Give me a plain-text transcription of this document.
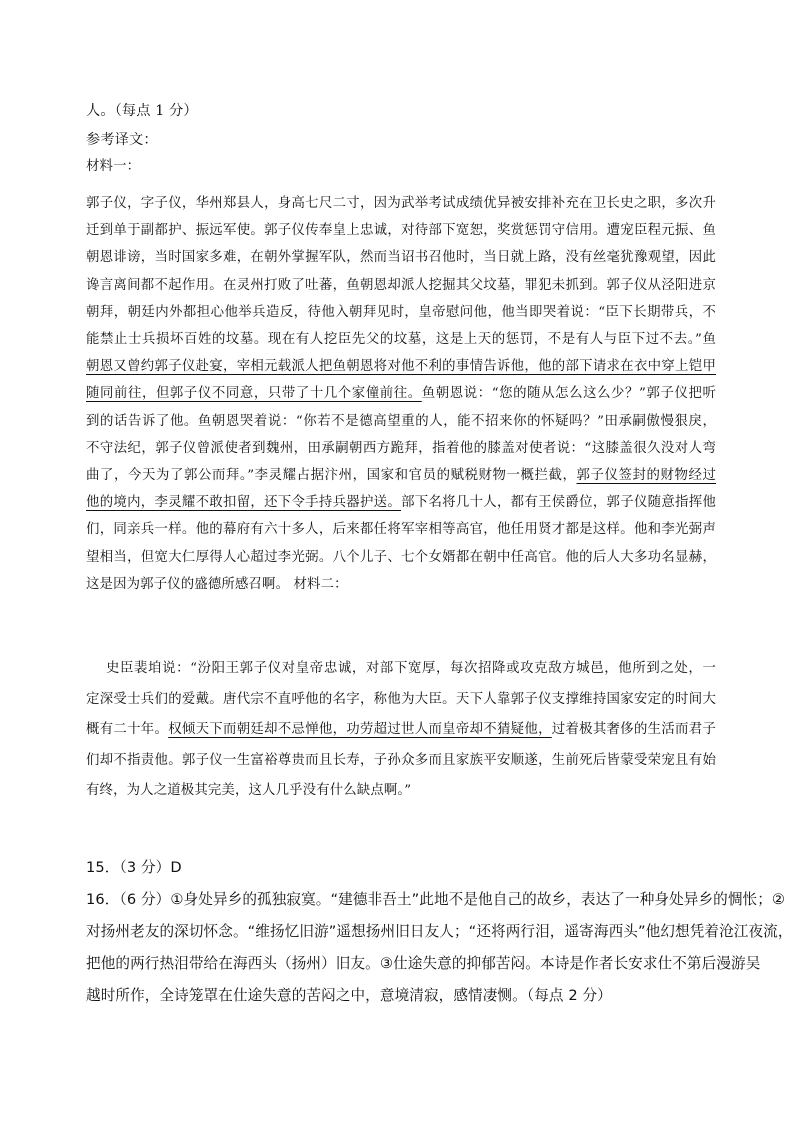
人。（每点 1 分）
参考译文：
材料一：
郭子仪，字子仪，华州郑县人，身高七尺二寸，因为武举考试成绩优异被安排补充在卫长史之职，多次升
迁到单于副都护、振远军使。郭子仪传奉皇上忠诚，对待部下宽恕，奖赏惩罚守信用。遭宠臣程元振、鱼
朝恩诽谤，当时国家多难，在朝外掌握军队，然而当诏书召他时，当日就上路，没有丝毫犹豫观望，因此
谗言离间都不起作用。在灵州打败了吐蕃，鱼朝恩却派人挖掘其父坟墓，罪犯未抓到。郭子仪从泾阳进京
朝拜，朝廷内外都担心他举兵造反，待他入朝拜见时，皇帝慰问他，他当即哭着说：“臣下长期带兵，不
能禁止士兵损坏百姓的坟墓。现在有人挖臣先父的坟墓，这是上天的惩罚，不是有人与臣下过不去。”鱼
朝恩又曾约郭子仪赴宴，宰相元载派人把鱼朝恩将对他不利的事情告诉他，他的部下请求在衣中穿上铠甲
随同前往，但郭子仪不同意，只带了十几个家僮前往。鱼朝恩说：“您的随从怎么这么少？”郭子仪把听
到的话告诉了他。鱼朝恩哭着说：“你若不是德高望重的人，能不招来你的怀疑吗？”田承嗣傲慢狠戾，
不守法纪，郭子仪曾派使者到魏州，田承嗣朝西方跪拜，指着他的膝盖对使者说：“这膝盖很久没对人弯
曲了，今天为了郭公而拜。”李灵耀占据汴州，国家和官员的赋税财物一概拦截，郭子仪签封的财物经过
他的境内，李灵耀不敢扣留，还下令手持兵器护送。部下名将几十人，都有王侯爵位，郭子仪随意指挥他
们，同亲兵一样。他的幕府有六十多人，后来都任将军宰相等高官，他任用贤才都是这样。他和李光弼声
望相当，但宽大仁厚得人心超过李光弼。八个儿子、七个女婿都在朝中任高官。他的后人大多功名显赫，
这是因为郭子仪的盛德所感召啊。 材料二：
史臣裴垍说：“汾阳王郭子仪对皇帝忠诚，对部下宽厚，每次招降或攻克敌方城邑，他所到之处，一
定深受士兵们的爱戴。唐代宗不直呼他的名字，称他为大臣。天下人靠郭子仪支撑维持国家安定的时间大
概有二十年。权倾天下而朝廷却不忌惮他，功劳超过世人而皇帝却不猜疑他，过着极其奢侈的生活而君子
们却不指责他。郭子仪一生富裕尊贵而且长寿，子孙众多而且家族平安顺遂，生前死后皆蒙受荣宠且有始
有终，为人之道极其完美，这人几乎没有什么缺点啊。”
15．（3 分）D
16．（6 分）①身处异乡的孤独寂寞。“建德非吾土”此地不是他自己的故乡，表达了一种身处异乡的惆怅；②
对扬州老友的深切怀念。“维扬忆旧游”遥想扬州旧日友人；“还将两行泪，遥寄海西头”他幻想凭着沧江夜流，
把他的两行热泪带给在海西头（扬州）旧友。③仕途失意的抑郁苦闷。本诗是作者长安求仕不第后漫游吴
越时所作，全诗笼罩在仕途失意的苦闷之中，意境清寂，感情凄恻。（每点 2 分）
